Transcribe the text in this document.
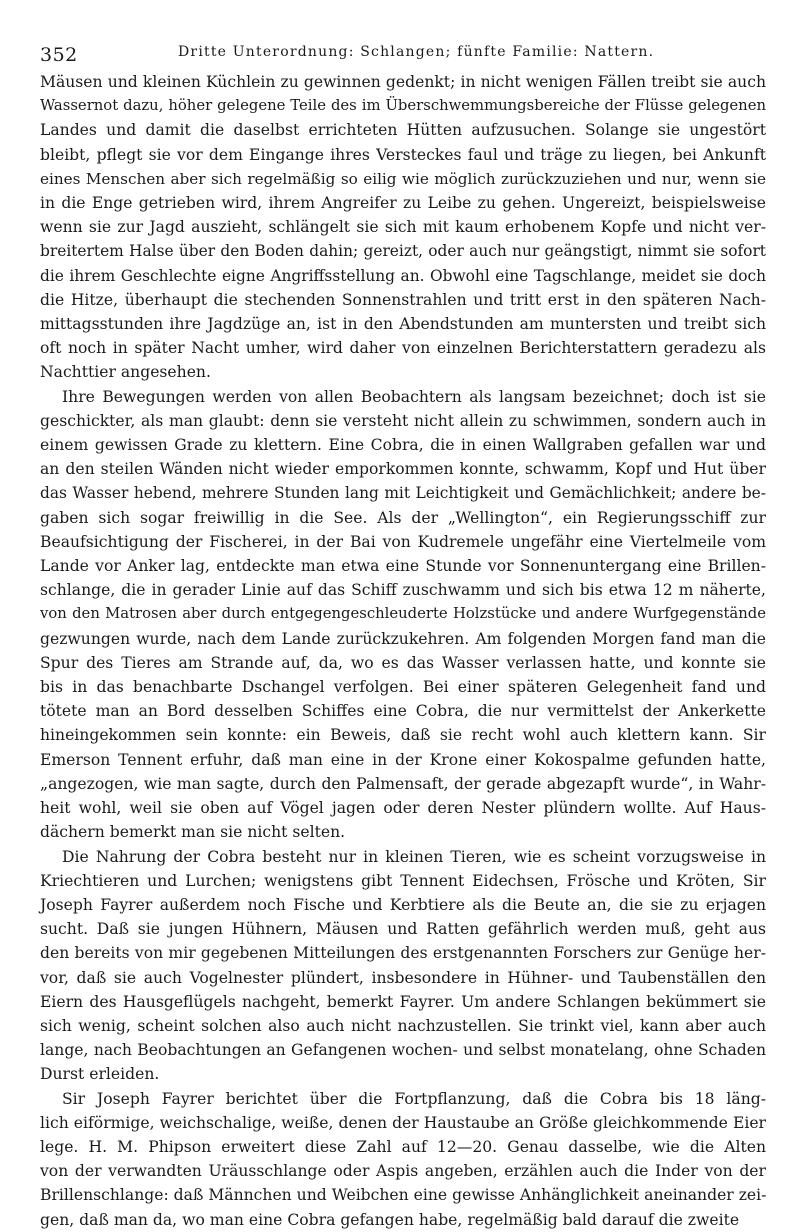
352	Dritte Unterordnung: Schlangen; fünfte Familie: Nattern.

Mäusen und kleinen Küchlein zu gewinnen gedenkt; in nicht wenigen Fällen treibt sie auch

Wassernot dazu, höher gelegene Teile des im Überschwemmungsbereiche der Flüsse gelegenen

Landes und damit die daselbst errichteten Hütten aufzusuchen. Solange sie ungestört

bleibt, pflegt sie vor dem Eingange ihres Versteckes faul und träge zu liegen, bei Ankunft

eines Menschen aber sich regelmäßig so eilig wie möglich zurückzuziehen und nur, wenn sie

in die Enge getrieben wird, ihrem Angreifer zu Leibe zu gehen. Ungereizt, beispielsweise

wenn sie zur Jagd auszieht, schlängelt sie sich mit kaum erhobenem Kopfe und nicht ver-

breitertem Halse über den Boden dahin; gereizt, oder auch nur geängstigt, nimmt sie sofort

die ihrem Geschlechte eigne Angriffsstellung an. Obwohl eine Tagschlange, meidet sie doch

die Hitze, überhaupt die stechenden Sonnenstrahlen und tritt erst in den späteren Nach-

mittagsstunden ihre Jagdzüge an, ist in den Abendstunden am muntersten und treibt sich

oft noch in später Nacht umher, wird daher von einzelnen Berichterstattern geradezu als

Nachttier angesehen.

Ihre Bewegungen werden von allen Beobachtern als langsam bezeichnet; doch ist sie

geschickter, als man glaubt: denn sie versteht nicht allein zu schwimmen, sondern auch in

einem gewissen Grade zu klettern. Eine Cobra, die in einen Wallgraben gefallen war und

an den steilen Wänden nicht wieder emporkommen konnte, schwamm, Kopf und Hut über

das Wasser hebend, mehrere Stunden lang mit Leichtigkeit und Gemächlichkeit; andere be-

gaben sich sogar freiwillig in die See. Als der „Wellington“, ein Regierungsschiff zur

Beaufsichtigung der Fischerei, in der Bai von Kudremele ungefähr eine Viertelmeile vom

Lande vor Anker lag, entdeckte man etwa eine Stunde vor Sonnenuntergang eine Brillen-

schlange, die in gerader Linie auf das Schiff zuschwamm und sich bis etwa 12 m näherte,

von den Matrosen aber durch entgegengeschleuderte Holzstücke und andere Wurfgegenstände

gezwungen wurde, nach dem Lande zurückzukehren. Am folgenden Morgen fand man die

Spur des Tieres am Strande auf, da, wo es das Wasser verlassen hatte, und konnte sie

bis in das benachbarte Dschangel verfolgen. Bei einer späteren Gelegenheit fand und

tötete man an Bord desselben Schiffes eine Cobra, die nur vermittelst der Ankerkette

hineingekommen sein konnte: ein Beweis, daß sie recht wohl auch klettern kann. Sir

Emerson Tennent erfuhr, daß man eine in der Krone einer Kokospalme gefunden hatte,

„angezogen, wie man sagte, durch den Palmensaft, der gerade abgezapft wurde“, in Wahr-

heit wohl, weil sie oben auf Vögel jagen oder deren Nester plündern wollte. Auf Haus-

dächern bemerkt man sie nicht selten.

Die Nahrung der Cobra besteht nur in kleinen Tieren, wie es scheint vorzugsweise in

Kriechtieren und Lurchen; wenigstens gibt Tennent Eidechsen, Frösche und Kröten, Sir

Joseph Fayrer außerdem noch Fische und Kerbtiere als die Beute an, die sie zu erjagen

sucht. Daß sie jungen Hühnern, Mäusen und Ratten gefährlich werden muß, geht aus

den bereits von mir gegebenen Mitteilungen des erstgenannten Forschers zur Genüge her-

vor, daß sie auch Vogelnester plündert, insbesondere in Hühner- und Taubenställen den

Eiern des Hausgeflügels nachgeht, bemerkt Fayrer. Um andere Schlangen bekümmert sie

sich wenig, scheint solchen also auch nicht nachzustellen. Sie trinkt viel, kann aber auch

lange, nach Beobachtungen an Gefangenen wochen- und selbst monatelang, ohne Schaden

Durst erleiden.

Sir Joseph Fayrer berichtet über die Fortpflanzung, daß die Cobra bis 18 läng-

lich eiförmige, weichschalige, weiße, denen der Haustaube an Größe gleichkommende Eier

lege. H. M. Phipson erweitert diese Zahl auf 12—20. Genau dasselbe, wie die Alten

von der verwandten Uräusschlange oder Aspis angeben, erzählen auch die Inder von der

Brillenschlange: daß Männchen und Weibchen eine gewisse Anhänglichkeit aneinander zei-

gen, daß man da, wo man eine Cobra gefangen habe, regelmäßig bald darauf die zweite
